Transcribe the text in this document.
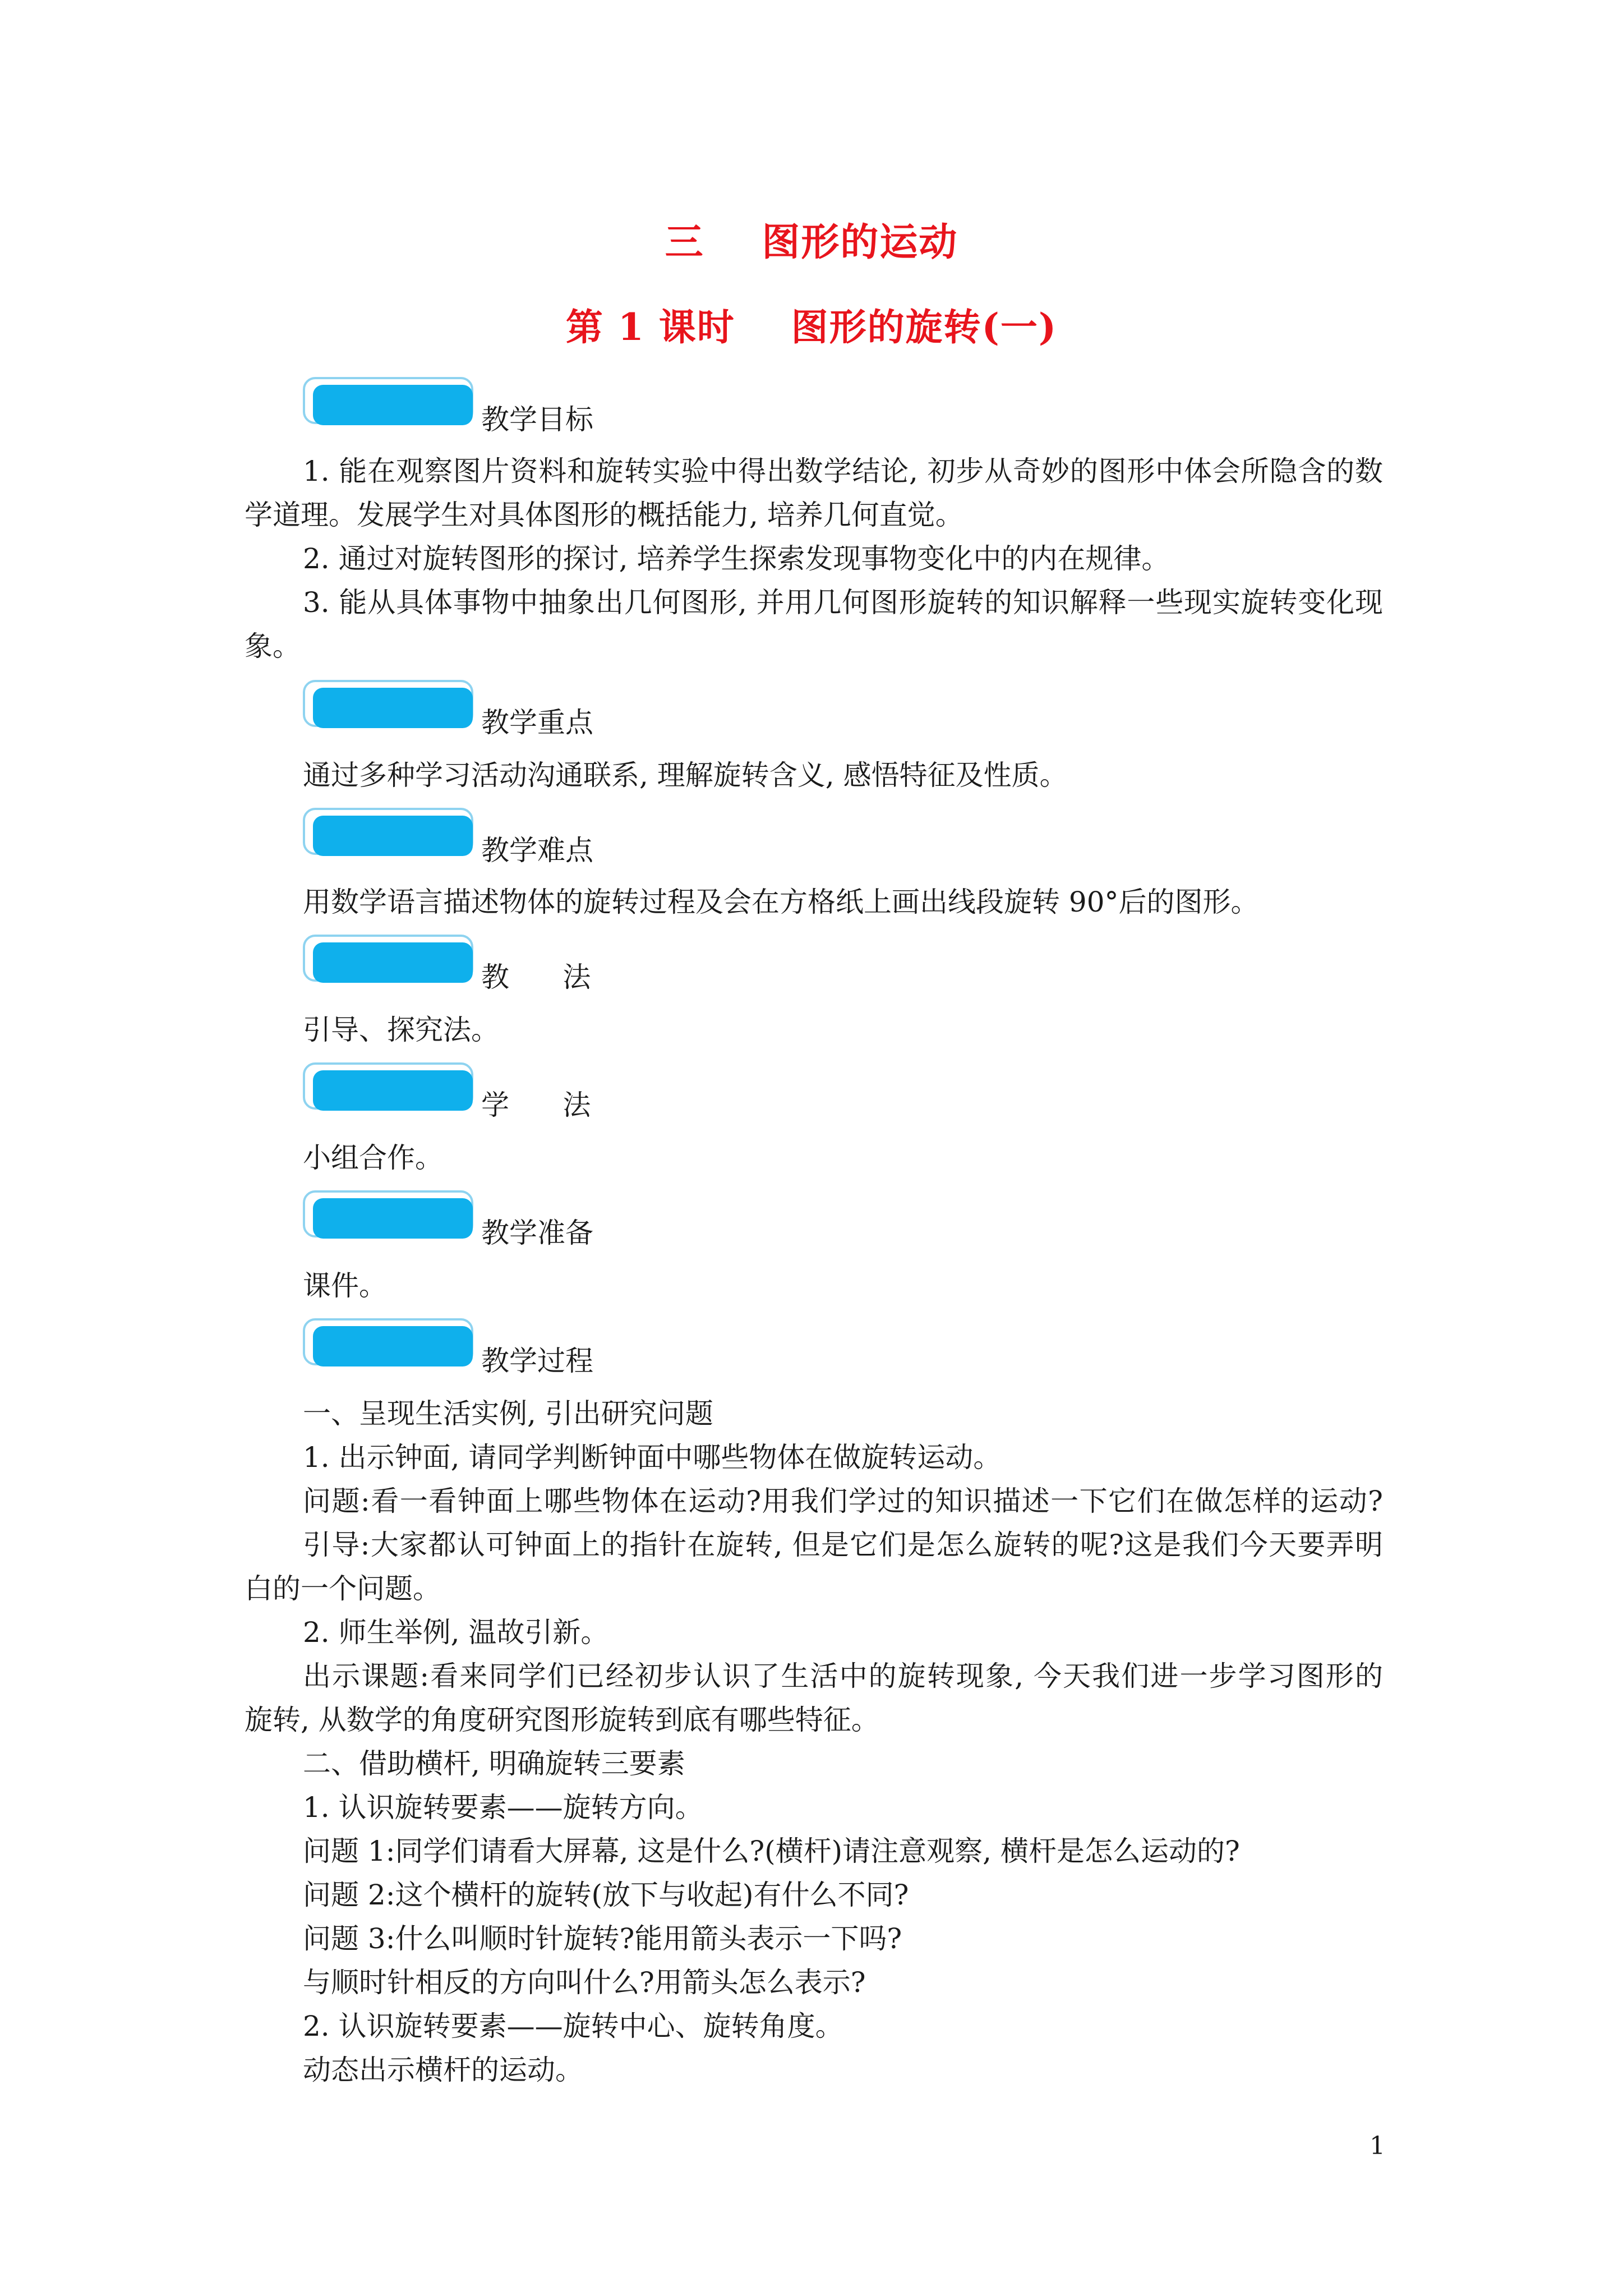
三    图形的运动
第 1 课时    图形的旋转(一)
教学目标
1. 能在观察图片资料和旋转实验中得出数学结论, 初步从奇妙的图形中体会所隐含的数
学道理。发展学生对具体图形的概括能力, 培养几何直觉。
2. 通过对旋转图形的探讨, 培养学生探索发现事物变化中的内在规律。
3. 能从具体事物中抽象出几何图形, 并用几何图形旋转的知识解释一些现实旋转变化现
象。
教学重点
通过多种学习活动沟通联系, 理解旋转含义, 感悟特征及性质。
教学难点
用数学语言描述物体的旋转过程及会在方格纸上画出线段旋转 90°后的图形。
教      法
引导、探究法。
学      法
小组合作。
教学准备
课件。
教学过程
一、呈现生活实例, 引出研究问题
1. 出示钟面, 请同学判断钟面中哪些物体在做旋转运动。
问题:看一看钟面上哪些物体在运动?用我们学过的知识描述一下它们在做怎样的运动?
引导:大家都认可钟面上的指针在旋转, 但是它们是怎么旋转的呢?这是我们今天要弄明
白的一个问题。
2. 师生举例, 温故引新。
出示课题:看来同学们已经初步认识了生活中的旋转现象, 今天我们进一步学习图形的
旋转, 从数学的角度研究图形旋转到底有哪些特征。
二、借助横杆, 明确旋转三要素
1. 认识旋转要素——旋转方向。
问题 1:同学们请看大屏幕, 这是什么?(横杆)请注意观察, 横杆是怎么运动的?
问题 2:这个横杆的旋转(放下与收起)有什么不同?
问题 3:什么叫顺时针旋转?能用箭头表示一下吗?
与顺时针相反的方向叫什么?用箭头怎么表示?
2. 认识旋转要素——旋转中心、旋转角度。
动态出示横杆的运动。
1
